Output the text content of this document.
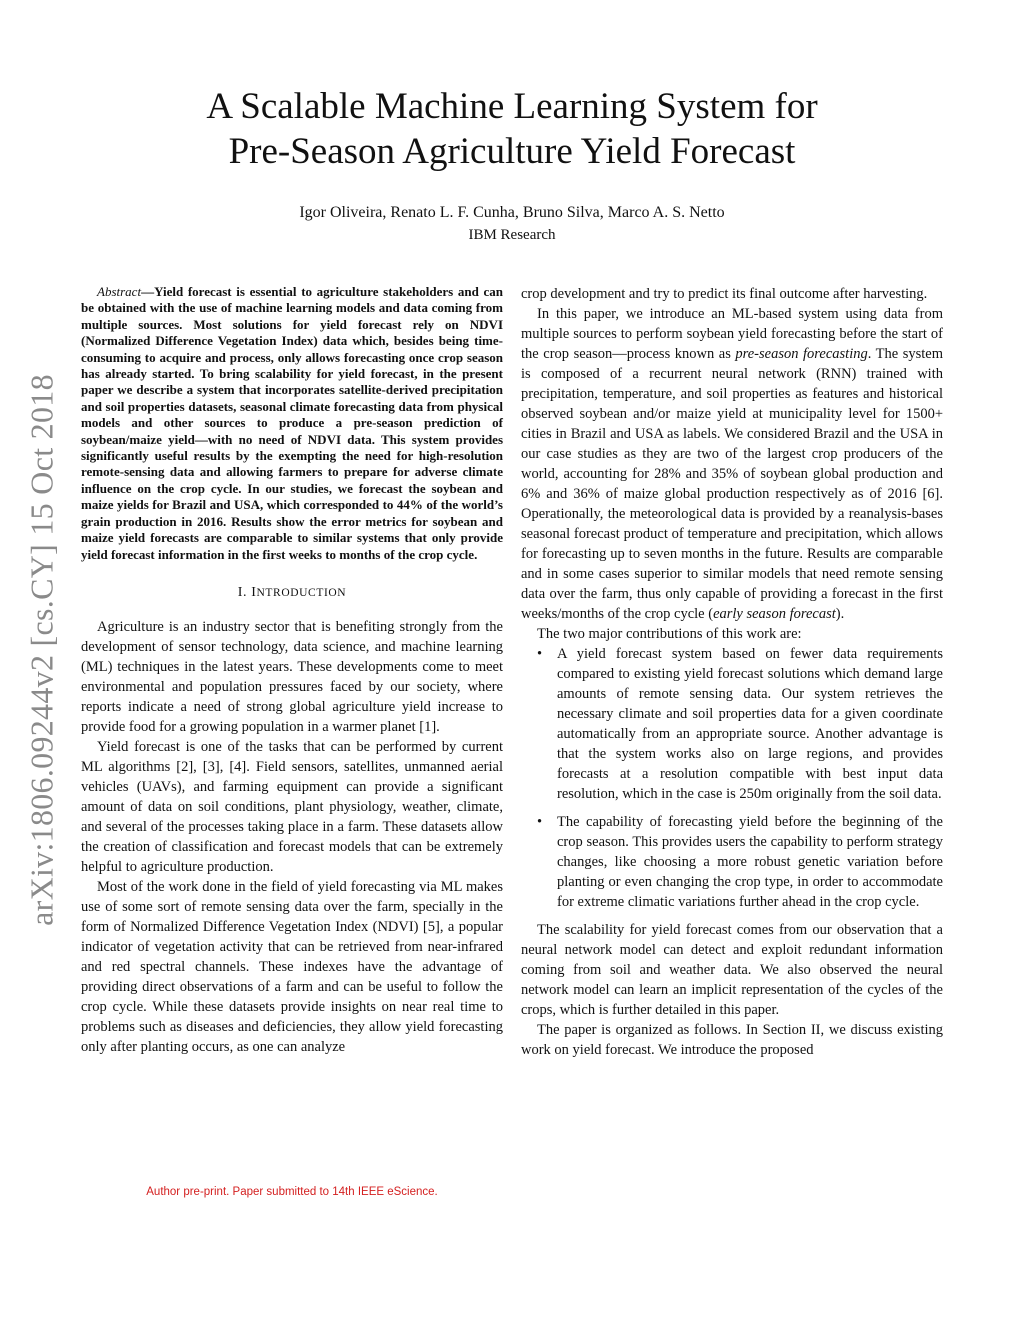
A Scalable Machine Learning System for
Pre-Season Agriculture Yield Forecast
Igor Oliveira, Renato L. F. Cunha, Bruno Silva, Marco A. S. Netto
IBM Research
arXiv:1806.09244v2 [cs.CY] 15 Oct 2018

Abstract—Yield forecast is essential to agriculture stakeholders and can be obtained with the use of machine learning models and data coming from multiple sources. Most solutions for yield forecast rely on NDVI (Normalized Difference Vegetation Index) data which, besides being time-consuming to acquire and process, only allows forecasting once crop season has already started. To bring scalability for yield forecast, in the present paper we describe a system that incorporates satellite-derived precipitation and soil properties datasets, seasonal climate forecasting data from physical models and other sources to produce a pre-season prediction of soybean/maize yield—with no need of NDVI data. This system provides significantly useful results by the exempting the need for high-resolution remote-sensing data and allowing farmers to prepare for adverse climate influence on the crop cycle. In our studies, we forecast the soybean and maize yields for Brazil and USA, which corresponded to 44% of the world’s grain production in 2016. Results show the error metrics for soybean and maize yield forecasts are comparable to similar systems that only provide yield forecast information in the first weeks to months of the crop cycle.

I. INTRODUCTION

Agriculture is an industry sector that is benefiting strongly from the development of sensor technology, data science, and machine learning (ML) techniques in the latest years. These developments come to meet environmental and population pressures faced by our society, where reports indicate a need of strong global agriculture yield increase to provide food for a growing population in a warmer planet [1].

Yield forecast is one of the tasks that can be performed by current ML algorithms [2], [3], [4]. Field sensors, satellites, unmanned aerial vehicles (UAVs), and farming equipment can provide a significant amount of data on soil conditions, plant physiology, weather, climate, and several of the processes taking place in a farm. These datasets allow the creation of classification and forecast models that can be extremely helpful to agriculture production.

Most of the work done in the field of yield forecasting via ML makes use of some sort of remote sensing data over the farm, specially in the form of Normalized Difference Vegetation Index (NDVI) [5], a popular indicator of vegetation activity that can be retrieved from near-infrared and red spectral channels. These indexes have the advantage of providing direct observations of a farm and can be useful to follow the crop cycle. While these datasets provide insights on near real time to problems such as diseases and deficiencies, they allow yield forecasting only after planting occurs, as one can analyze

Author pre-print. Paper submitted to 14th IEEE eScience.

crop development and try to predict its final outcome after harvesting.

In this paper, we introduce an ML-based system using data from multiple sources to perform soybean yield forecasting before the start of the crop season—process known as pre-season forecasting. The system is composed of a recurrent neural network (RNN) trained with precipitation, temperature, and soil properties as features and historical observed soybean and/or maize yield at municipality level for 1500+ cities in Brazil and USA as labels. We considered Brazil and the USA in our case studies as they are two of the largest crop producers of the world, accounting for 28% and 35% of soybean global production and 6% and 36% of maize global production respectively as of 2016 [6]. Operationally, the meteorological data is provided by a reanalysis-bases seasonal forecast product of temperature and precipitation, which allows for forecasting up to seven months in the future. Results are comparable and in some cases superior to similar models that need remote sensing data over the farm, thus only capable of providing a forecast in the first weeks/months of the crop cycle (early season forecast).

The two major contributions of this work are:

• A yield forecast system based on fewer data requirements compared to existing yield forecast solutions which demand large amounts of remote sensing data. Our system retrieves the necessary climate and soil properties data for a given coordinate automatically from an appropriate source. Another advantage is that the system works also on large regions, and provides forecasts at a resolution compatible with best input data resolution, which in the case is 250m originally from the soil data.
• The capability of forecasting yield before the beginning of the crop season. This provides users the capability to perform strategy changes, like choosing a more robust genetic variation before planting or even changing the crop type, in order to accommodate for extreme climatic variations further ahead in the crop cycle.

The scalability for yield forecast comes from our observation that a neural network model can detect and exploit redundant information coming from soil and weather data. We also observed the neural network model can learn an implicit representation of the cycles of the crops, which is further detailed in this paper.

The paper is organized as follows. In Section II, we discuss existing work on yield forecast. We introduce the proposed
